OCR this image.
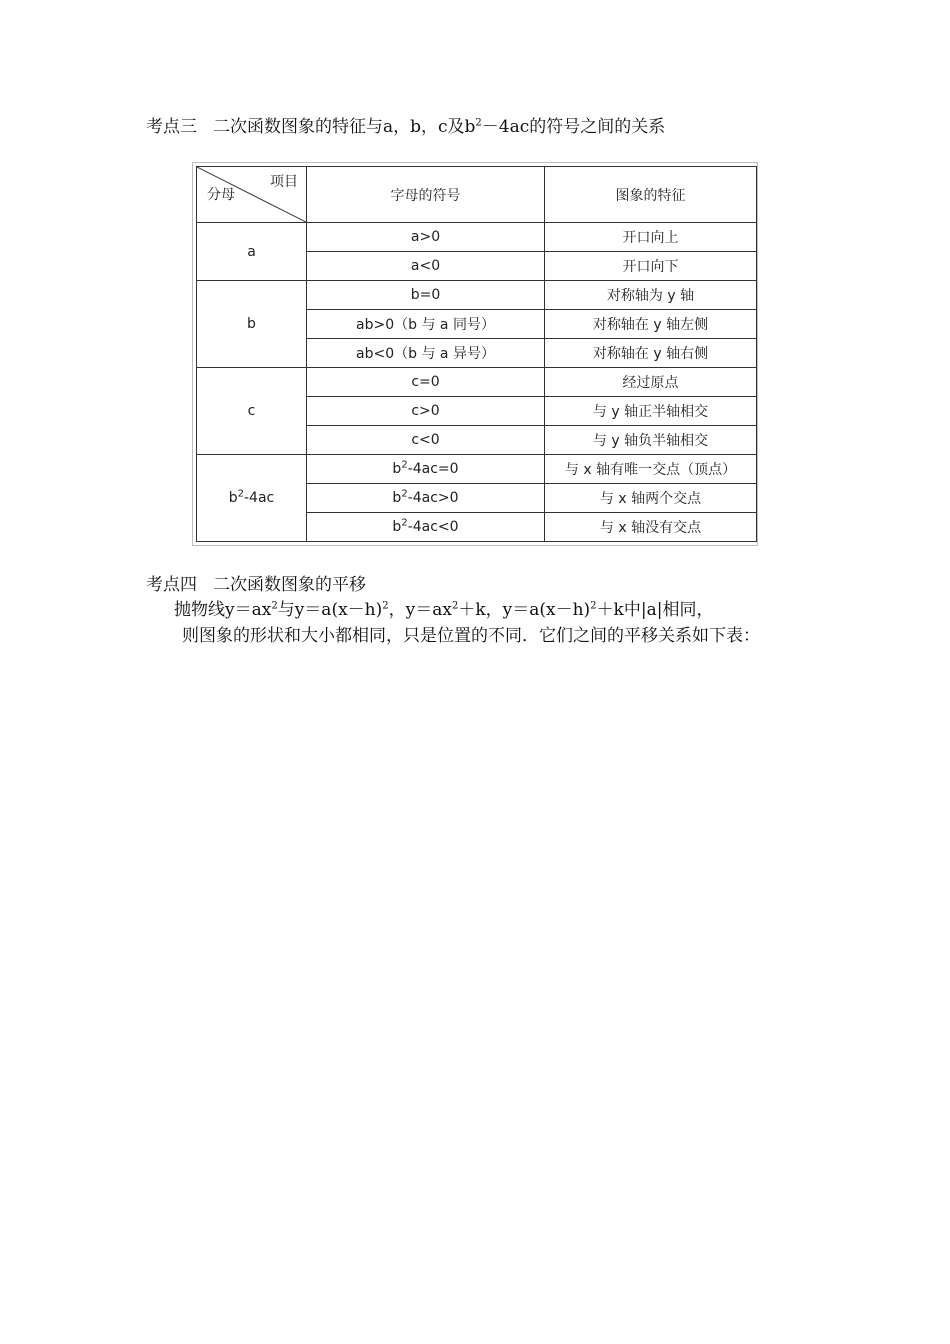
考点三 二次函数图象的特征与a，b，c及$b^2-4ac$的符号之间的关系
项目
分母	字母的符号	图象的特征
a	a>0	开口向上
	a<0	开口向下
b	b=0	对称轴为 y 轴
	ab>0（b 与 a 同号）	对称轴在 y 轴左侧
	ab<0（b 与 a 异号）	对称轴在 y 轴右侧
c	c=0	经过原点
	c>0	与 y 轴正半轴相交
	c<0	与 y 轴负半轴相交
$b^2-4ac$	$b^2-4ac=0$	与 x 轴有唯一交点（顶点）
	$b^2-4ac>0$	与 x 轴两个交点
	$b^2-4ac<0$	与 x 轴没有交点
考点四 二次函数图象的平移
抛物线$y=ax^2$与$y=a(x-h)^2$，$y=ax^2+k$，$y=a(x-h)^2+k$中|a|相同，
则图象的形状和大小都相同，只是位置的不同．它们之间的平移关系如下表：
